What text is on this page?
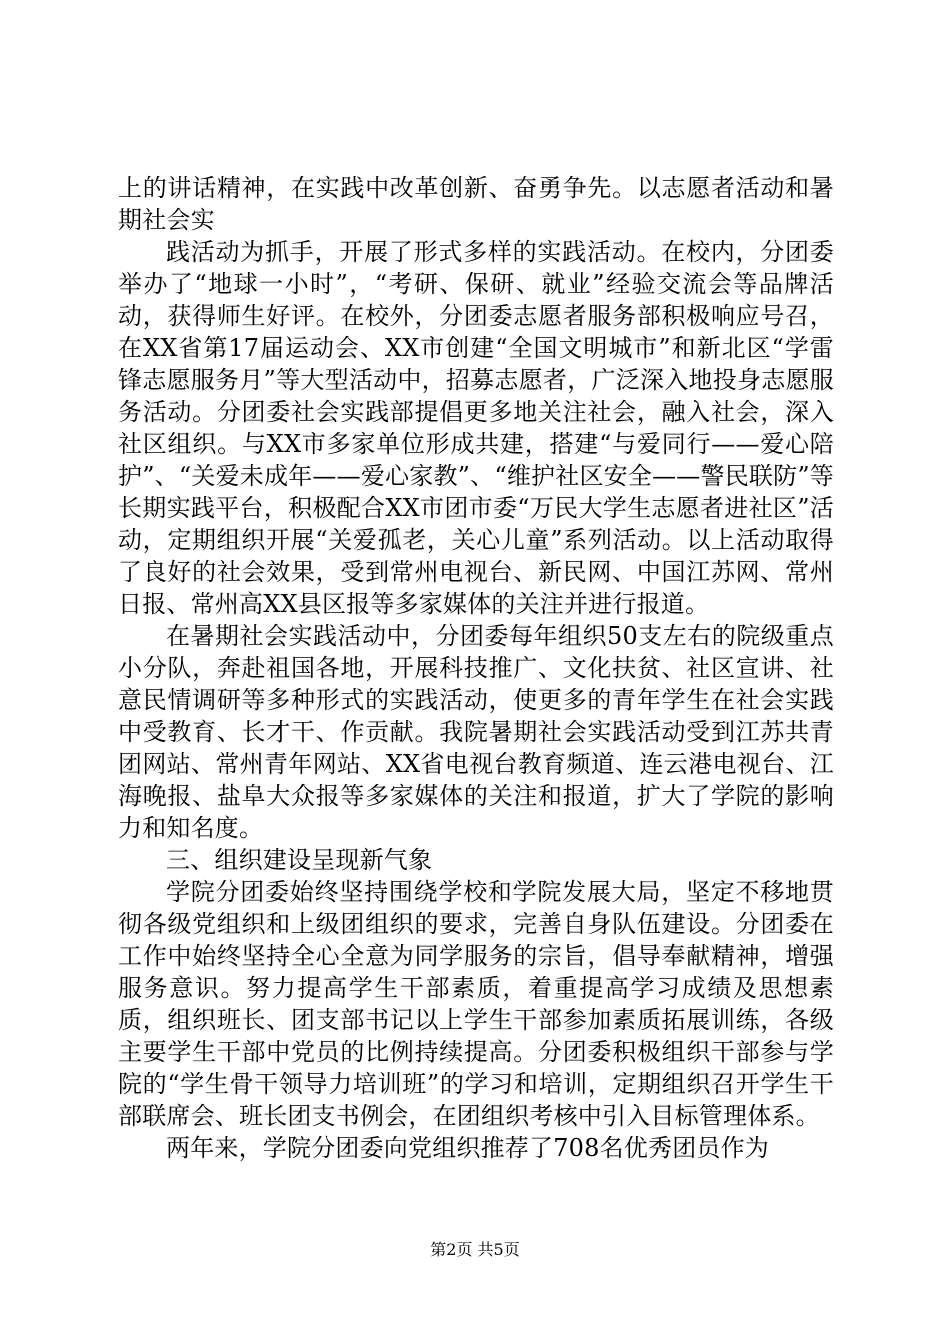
上的讲话精神，在实践中改革创新、奋勇争先。以志愿者活动和暑期社会实

践活动为抓手，开展了形式多样的实践活动。在校内，分团委举办了“地球一小时”，“考研、保研、就业”经验交流会等品牌活动，获得师生好评。在校外，分团委志愿者服务部积极响应号召，在XX省第17届运动会、XX市创建“全国文明城市”和新北区“学雷锋志愿服务月”等大型活动中，招募志愿者，广泛深入地投身志愿服务活动。分团委社会实践部提倡更多地关注社会，融入社会，深入社区组织。与XX市多家单位形成共建，搭建“与爱同行——爱心陪护”、“关爱未成年——爱心家教”、“维护社区安全——警民联防”等长期实践平台，积极配合XX市团市委“万民大学生志愿者进社区”活动，定期组织开展“关爱孤老，关心儿童”系列活动。以上活动取得了良好的社会效果，受到常州电视台、新民网、中国江苏网、常州日报、常州高XX县区报等多家媒体的关注并进行报道。

在暑期社会实践活动中，分团委每年组织50支左右的院级重点小分队，奔赴祖国各地，开展科技推广、文化扶贫、社区宣讲、社意民情调研等多种形式的实践活动，使更多的青年学生在社会实践中受教育、长才干、作贡献。我院暑期社会实践活动受到江苏共青团网站、常州青年网站、XX省电视台教育频道、连云港电视台、江海晚报、盐阜大众报等多家媒体的关注和报道，扩大了学院的影响力和知名度。

三、组织建设呈现新气象

学院分团委始终坚持围绕学校和学院发展大局，坚定不移地贯彻各级党组织和上级团组织的要求，完善自身队伍建设。分团委在工作中始终坚持全心全意为同学服务的宗旨，倡导奉献精神，增强服务意识。努力提高学生干部素质，着重提高学习成绩及思想素质，组织班长、团支部书记以上学生干部参加素质拓展训练，各级主要学生干部中党员的比例持续提高。分团委积极组织干部参与学院的“学生骨干领导力培训班”的学习和培训，定期组织召开学生干部联席会、班长团支书例会，在团组织考核中引入目标管理体系。

两年来，学院分团委向党组织推荐了708名优秀团员作为

第2页 共5页
